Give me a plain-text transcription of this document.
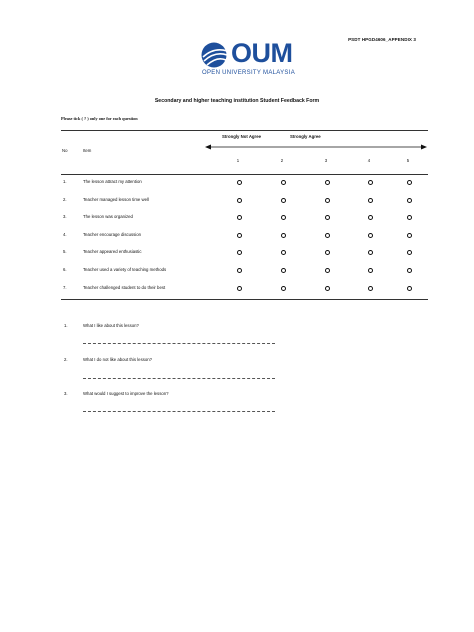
PSDT HPGD4606_APPENDIX 3
OUM
OPEN UNIVERSITY MALAYSIA
Secondary and higher teaching institution Student Feedback Form
Please tick ( ? ) only one for each question
Strongly Not Agree	Strongly Agree
No	Item
1	2	3	4	5
1.	The lesson attract my attention
2.	Teacher managed lesson time well
3.	The lesson was organized
4.	Teacher encourage discussion
5.	Teacher appeared enthusiastic
6.	Teacher used a variety of teaching methods
7.	Teacher challenged student to do their best
1.	What I like about this lesson?
2.	What I do not like about this lesson?
3.	What would I suggest to improve the lesson?
